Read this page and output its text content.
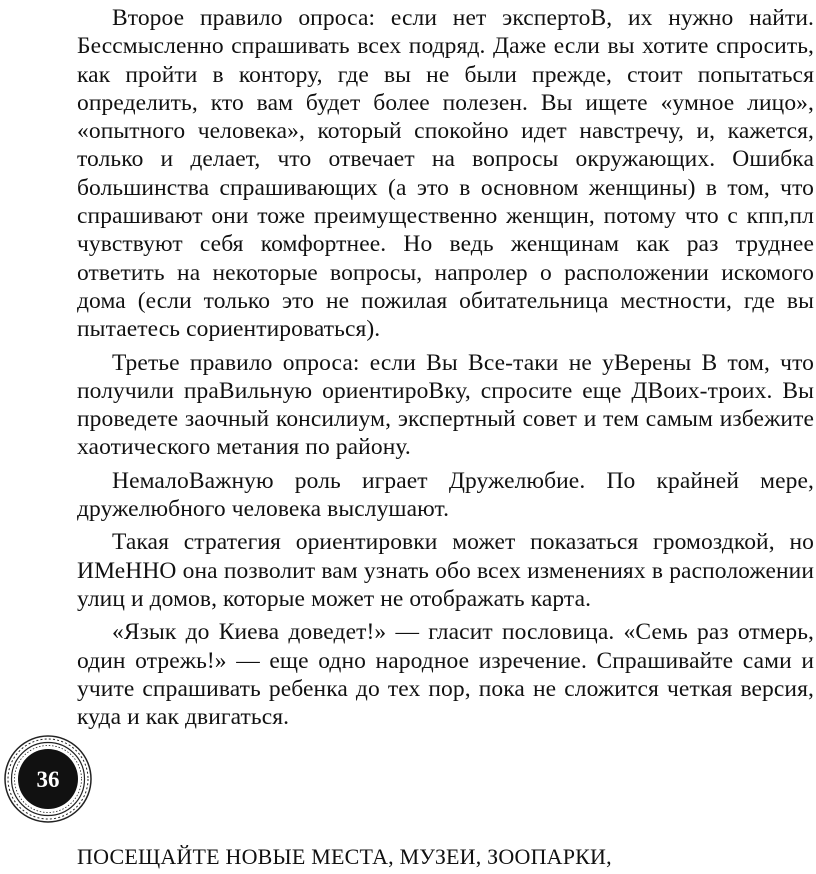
Второе правило опроса: если нет экспертоВ, их нужно найти. Бессмысленно спрашивать всех подряд. Даже если вы хотите спросить, как пройти в контору, где вы не были прежде, стоит попытаться определить, кто вам будет более полезен. Вы ищете «умное лицо», «опытного человека», который спокойно идет навстречу, и, кажется, только и делает, что отвечает на вопросы окружающих. Ошибка большинства спрашивающих (а это в основном женщины) в том, что спрашивают они тоже преимущественно женщин, потому что с кпп,пл чувствуют себя комфортнее. Но ведь женщинам как раз труднее ответить на некоторые вопросы, напролер о расположении искомого дома (если только это не пожилая обитательница местности, где вы пытаетесь сориентироваться).

Третье правило опроса: если Вы Все-таки не уВерены В том, что получили праВильную ориентироВку, спросите еще ДВоих-троих. Вы проведете заочный консилиум, экспертный совет и тем самым избежите хаотического метания по району.

НемалоВажную роль играет Дружелюбие. По крайней мере, дружелюбного человека выслушают.

Такая стратегия ориентировки может показаться громоздкой, но ИМеННО она позволит вам узнать обо всех изменениях в расположении улиц и домов, которые может не отображать карта.

«Язык до Киева доведет!» — гласит пословица. «Семь раз отмерь, один отрежь!» — еще одно народное изречение. Спрашивайте сами и учите спрашивать ребенка до тех пор, пока не сложится четкая версия, куда и как двигаться.

36
ПОСЕЩАЙТЕ НОВЫЕ МЕСТА, МУЗЕИ, ЗООПАРКИ,
